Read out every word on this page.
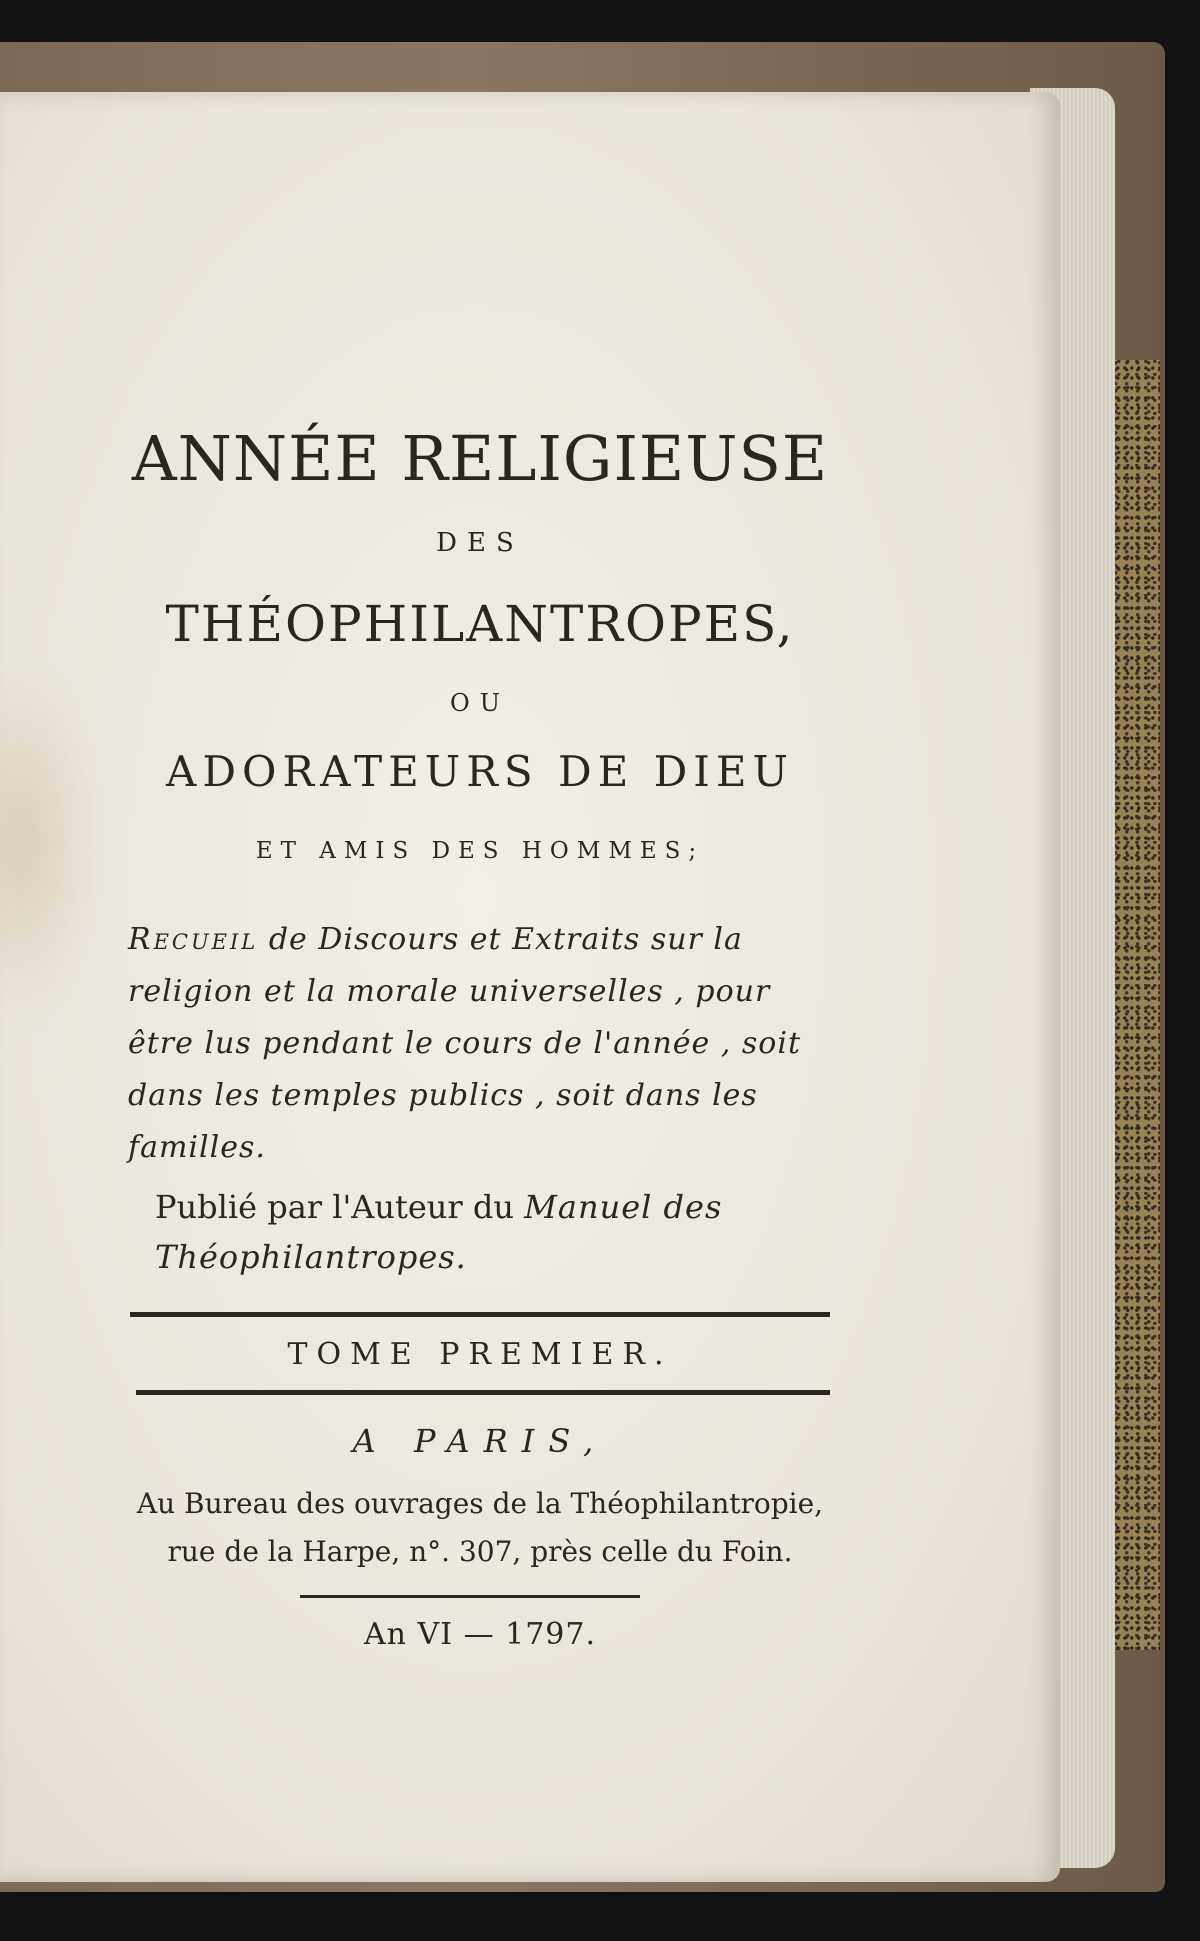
ANNÉE RELIGIEUSE
DES
THÉOPHILANTROPES,
OU
ADORATEURS DE DIEU
ET AMIS DES HOMMES;
Recueil de Discours et Extraits sur la religion et la morale universelles , pour être lus pendant le cours de l'année , soit dans les temples publics , soit dans les familles.
Publié par l'Auteur du Manuel des Théophilantropes.
TOME PREMIER.
A PARIS,
Au Bureau des ouvrages de la Théophilantropie,
rue de la Harpe, n°. 307, près celle du Foin.
An VI — 1797.
